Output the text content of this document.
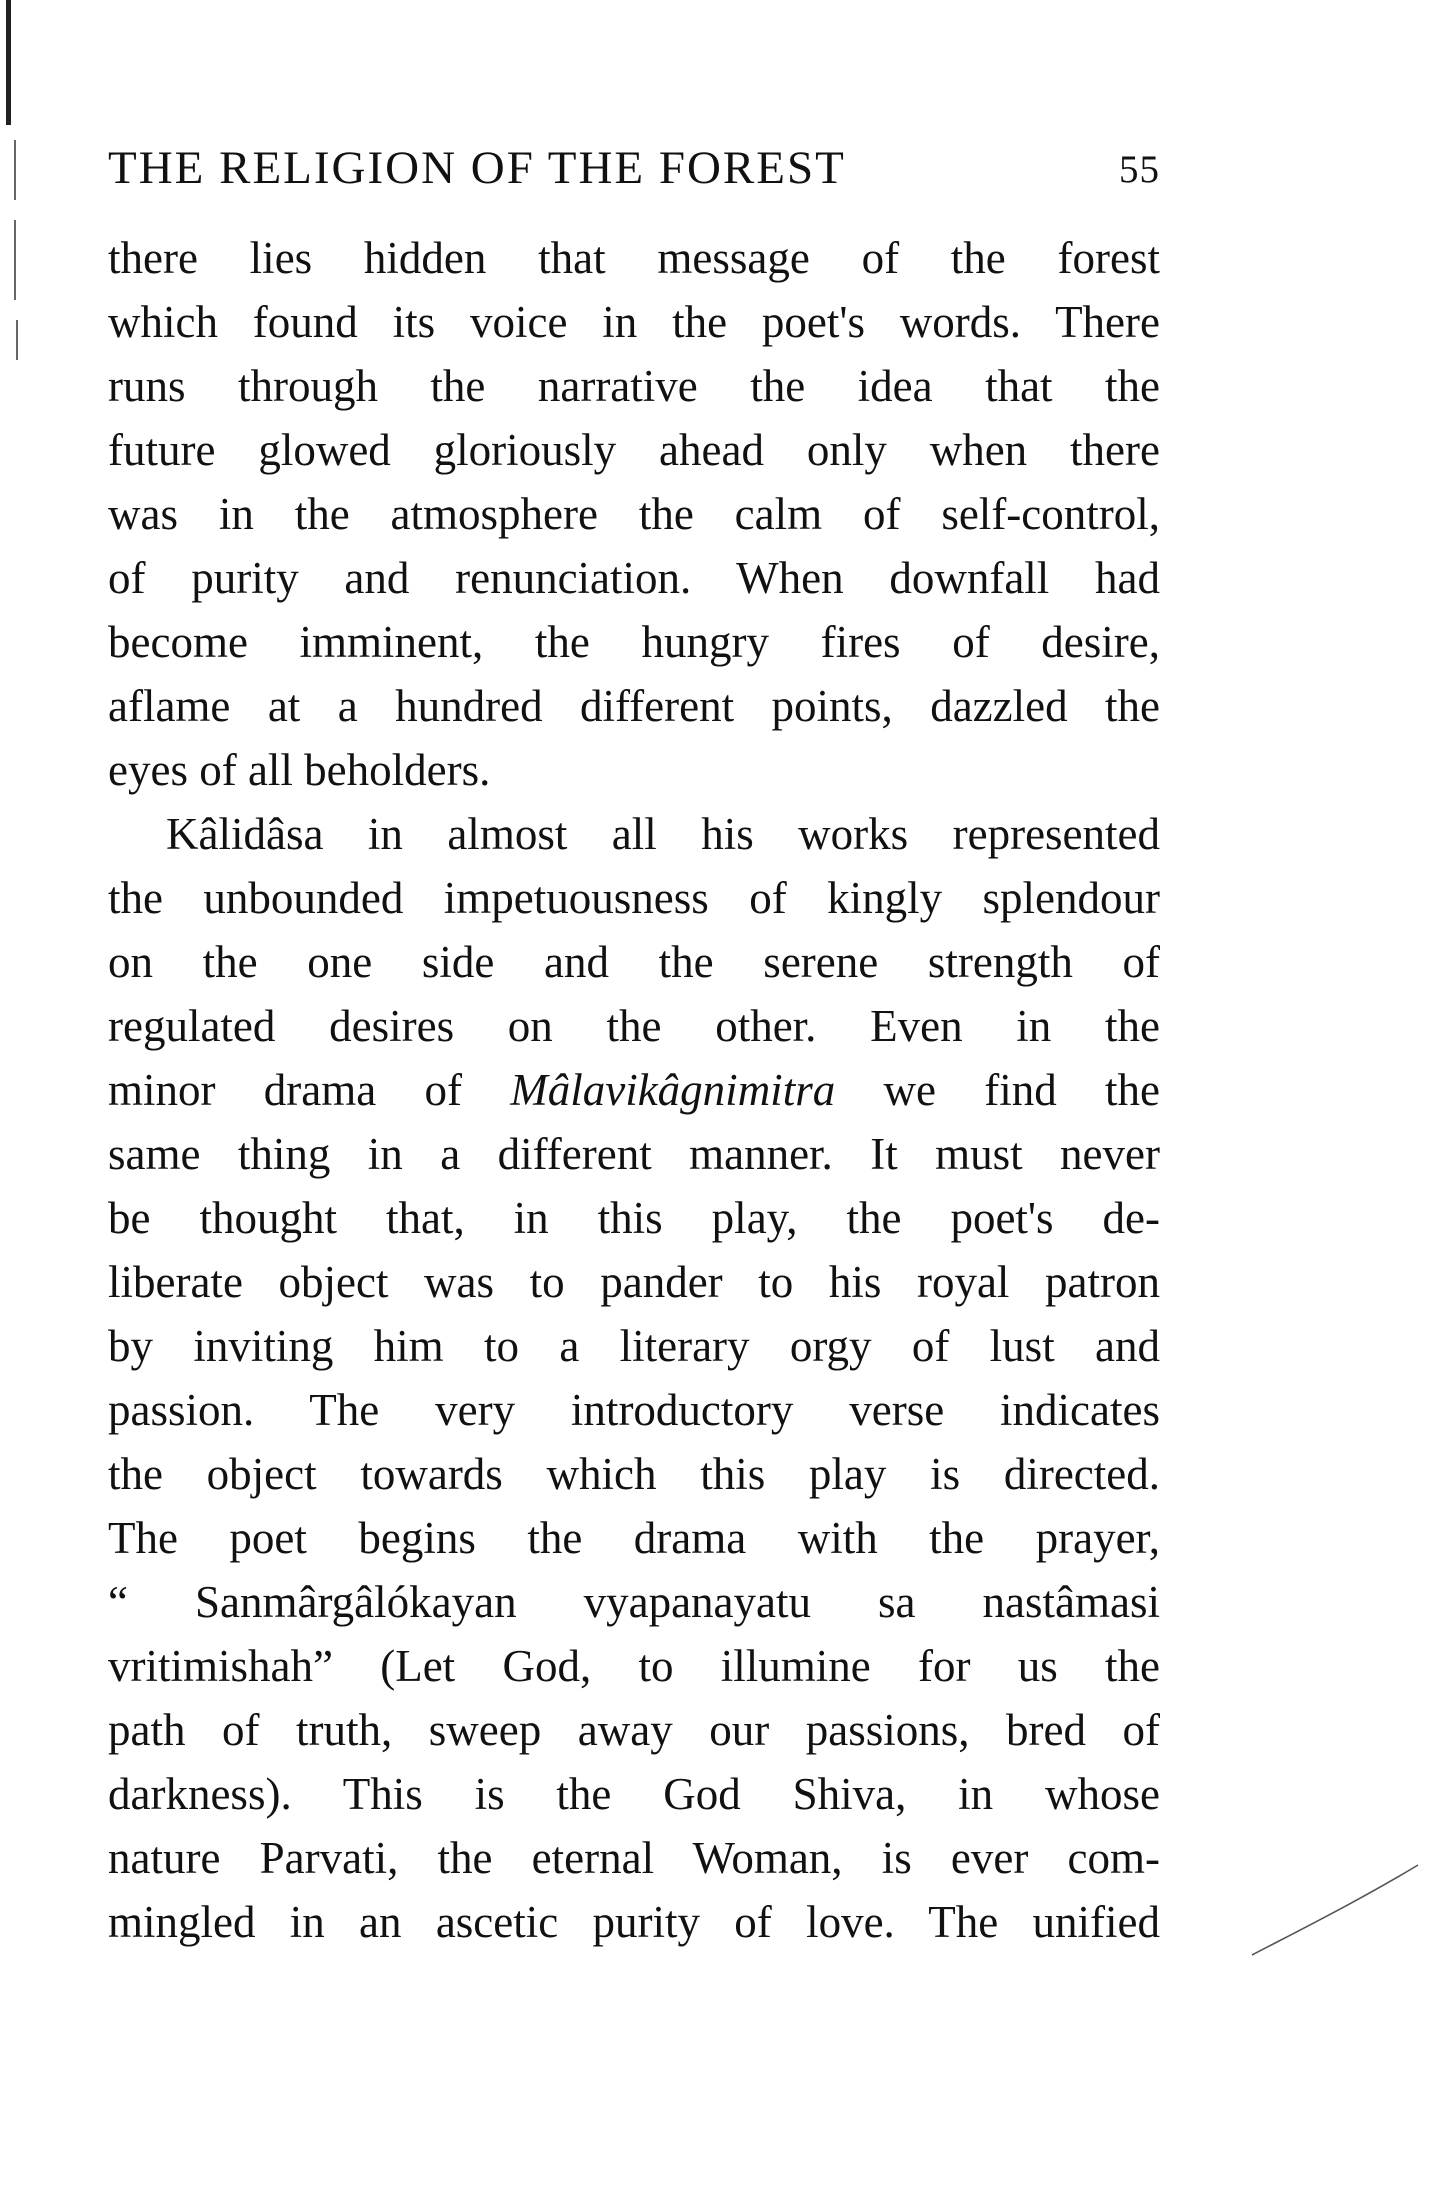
THE RELIGION OF THE FOREST	55
there lies hidden that message of the forest
which found its voice in the poet's words. There
runs through the narrative the idea that the
future glowed gloriously ahead only when there
was in the atmosphere the calm of self-control,
of purity and renunciation. When downfall had
become imminent, the hungry fires of desire,
aflame at a hundred different points, dazzled the
eyes of all beholders.
Kâlidâsa in almost all his works represented
the unbounded impetuousness of kingly splendour
on the one side and the serene strength of
regulated desires on the other. Even in the
minor drama of Mâlavikâgnimitra we find the
same thing in a different manner. It must never
be thought that, in this play, the poet's de-
liberate object was to pander to his royal patron
by inviting him to a literary orgy of lust and
passion. The very introductory verse indicates
the object towards which this play is directed.
The poet begins the drama with the prayer,
“ Sanmârgâlókayan vyapanayatu sa nastâmasi
vritimishah” (Let God, to illumine for us the
path of truth, sweep away our passions, bred of
darkness). This is the God Shiva, in whose
nature Parvati, the eternal Woman, is ever com-
mingled in an ascetic purity of love. The unified
